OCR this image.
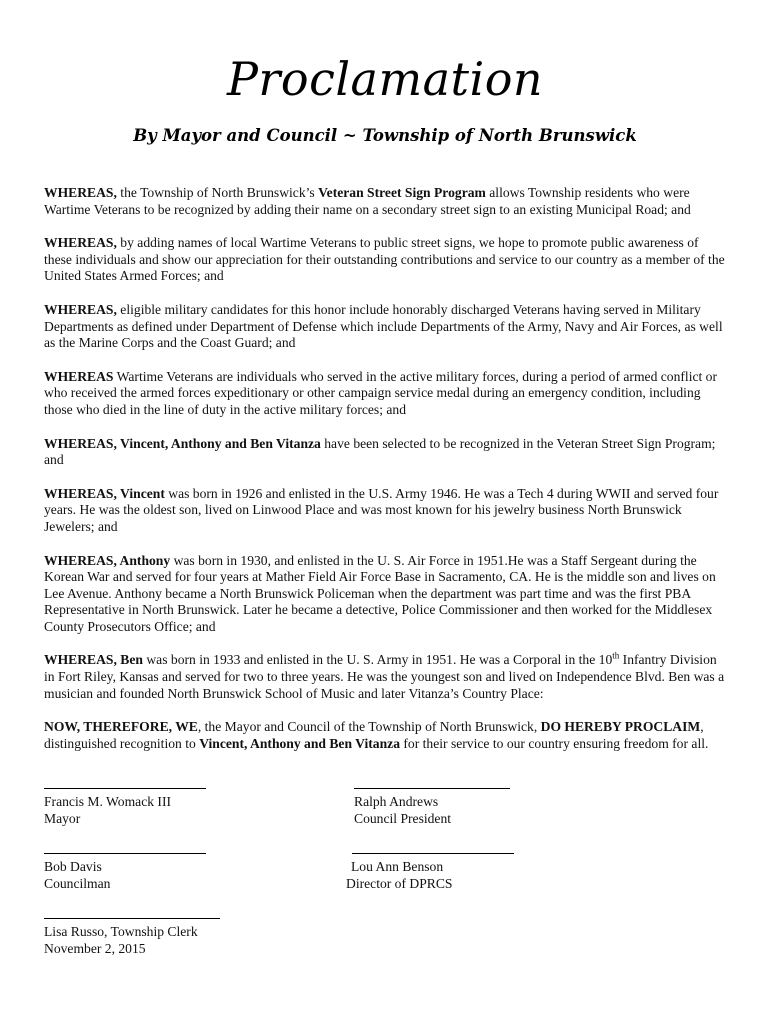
Proclamation
By Mayor and Council ~ Township of North Brunswick

WHEREAS, the Township of North Brunswick’s Veteran Street Sign Program allows Township residents who were Wartime Veterans to be recognized by adding their name on a secondary street sign to an existing Municipal Road; and

WHEREAS, by adding names of local Wartime Veterans to public street signs, we hope to promote public awareness of these individuals and show our appreciation for their outstanding contributions and service to our country as a member of the United States Armed Forces; and

WHEREAS, eligible military candidates for this honor include honorably discharged Veterans having served in Military Departments as defined under Department of Defense which include Departments of the Army, Navy and Air Forces, as well as the Marine Corps and the Coast Guard; and

WHEREAS Wartime Veterans are individuals who served in the active military forces, during a period of armed conflict or who received the armed forces expeditionary or other campaign service medal during an emergency condition, including those who died in the line of duty in the active military forces; and

WHEREAS, Vincent, Anthony and Ben Vitanza have been selected to be recognized in the Veteran Street Sign Program; and

WHEREAS, Vincent was born in 1926 and enlisted in the U.S. Army 1946. He was a Tech 4 during WWII and served four years. He was the oldest son, lived on Linwood Place and was most known for his jewelry business North Brunswick Jewelers; and

WHEREAS, Anthony was born in 1930, and enlisted in the U. S. Air Force in 1951.He was a Staff Sergeant during the Korean War and served for four years at Mather Field Air Force Base in Sacramento, CA. He is the middle son and lives on Lee Avenue. Anthony became a North Brunswick Policeman when the department was part time and was the first PBA Representative in North Brunswick. Later he became a detective, Police Commissioner and then worked for the Middlesex County Prosecutors Office; and

WHEREAS, Ben was born in 1933 and enlisted in the U. S. Army in 1951. He was a Corporal in the 10th Infantry Division in Fort Riley, Kansas and served for two to three years. He was the youngest son and lived on Independence Blvd. Ben was a musician and founded North Brunswick School of Music and later Vitanza’s Country Place:

NOW, THEREFORE, WE, the Mayor and Council of the Township of North Brunswick, DO HEREBY PROCLAIM, distinguished recognition to Vincent, Anthony and Ben Vitanza for their service to our country ensuring freedom for all.

Francis M. Womack III
Mayor
Ralph Andrews
Council President
Bob Davis
Councilman
Lou Ann Benson
Director of DPRCS
Lisa Russo, Township Clerk
November 2, 2015
